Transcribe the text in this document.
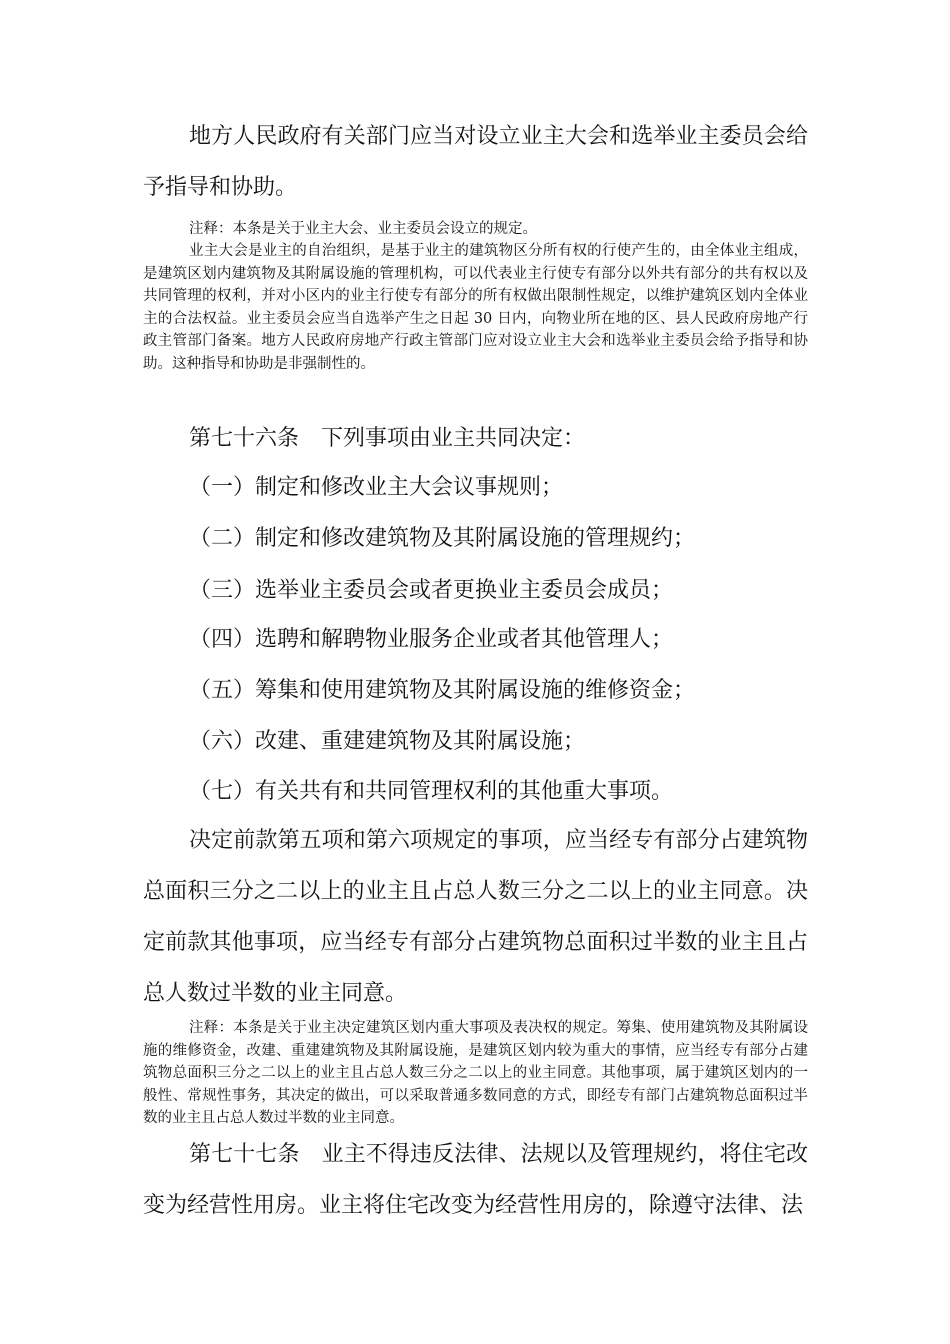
地方人民政府有关部门应当对设立业主大会和选举业主委员会给予指导和协助。

注释：本条是关于业主大会、业主委员会设立的规定。

业主大会是业主的自治组织，是基于业主的建筑物区分所有权的行使产生的，由全体业主组成，是建筑区划内建筑物及其附属设施的管理机构，可以代表业主行使专有部分以外共有部分的共有权以及共同管理的权利，并对小区内的业主行使专有部分的所有权做出限制性规定，以维护建筑区划内全体业主的合法权益。业主委员会应当自选举产生之日起 30 日内，向物业所在地的区、县人民政府房地产行政主管部门备案。地方人民政府房地产行政主管部门应对设立业主大会和选举业主委员会给予指导和协助。这种指导和协助是非强制性的。

第七十六条 下列事项由业主共同决定：

（一）制定和修改业主大会议事规则；

（二）制定和修改建筑物及其附属设施的管理规约；

（三）选举业主委员会或者更换业主委员会成员；

（四）选聘和解聘物业服务企业或者其他管理人；

（五）筹集和使用建筑物及其附属设施的维修资金；

（六）改建、重建建筑物及其附属设施；

（七）有关共有和共同管理权利的其他重大事项。

决定前款第五项和第六项规定的事项，应当经专有部分占建筑物总面积三分之二以上的业主且占总人数三分之二以上的业主同意。决定前款其他事项，应当经专有部分占建筑物总面积过半数的业主且占总人数过半数的业主同意。

注释：本条是关于业主决定建筑区划内重大事项及表决权的规定。筹集、使用建筑物及其附属设施的维修资金，改建、重建建筑物及其附属设施，是建筑区划内较为重大的事情，应当经专有部分占建筑物总面积三分之二以上的业主且占总人数三分之二以上的业主同意。其他事项，属于建筑区划内的一般性、常规性事务，其决定的做出，可以采取普通多数同意的方式，即经专有部门占建筑物总面积过半数的业主且占总人数过半数的业主同意。

第七十七条 业主不得违反法律、法规以及管理规约，将住宅改变为经营性用房。业主将住宅改变为经营性用房的，除遵守法律、法
